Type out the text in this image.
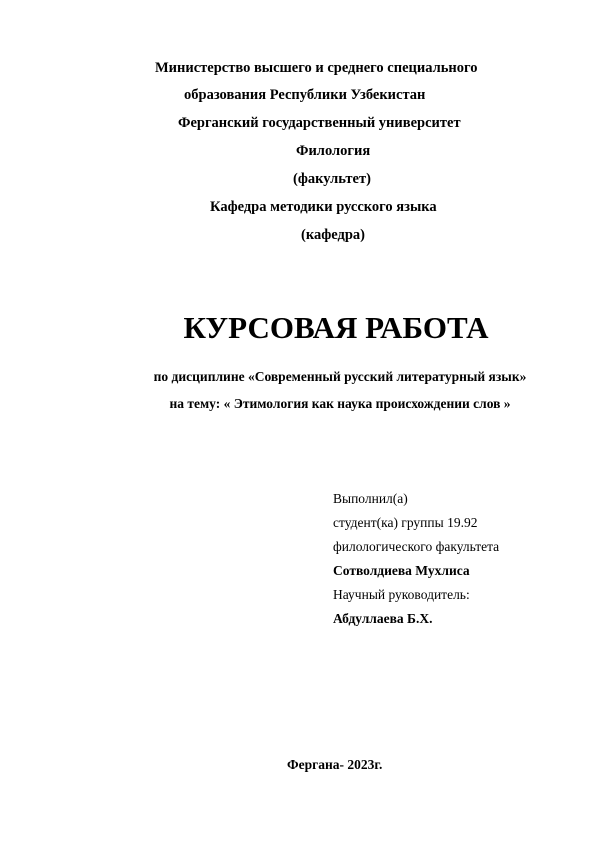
Министерство высшего и среднего специального
образования Республики Узбекистан
Ферганский государственный университет
Филология
(факультет)
Кафедра методики русского языка
(кафедра)
КУРСОВАЯ РАБОТА
по дисциплине «Современный русский литературный язык»
на тему: « Этимология как наука происхождении слов »
Выполнил(а)
студент(ка) группы 19.92
филологического факультета
Сотволдиева Мухлиса
Научный руководитель:
Абдуллаева Б.Х.
Фергана- 2023г.
